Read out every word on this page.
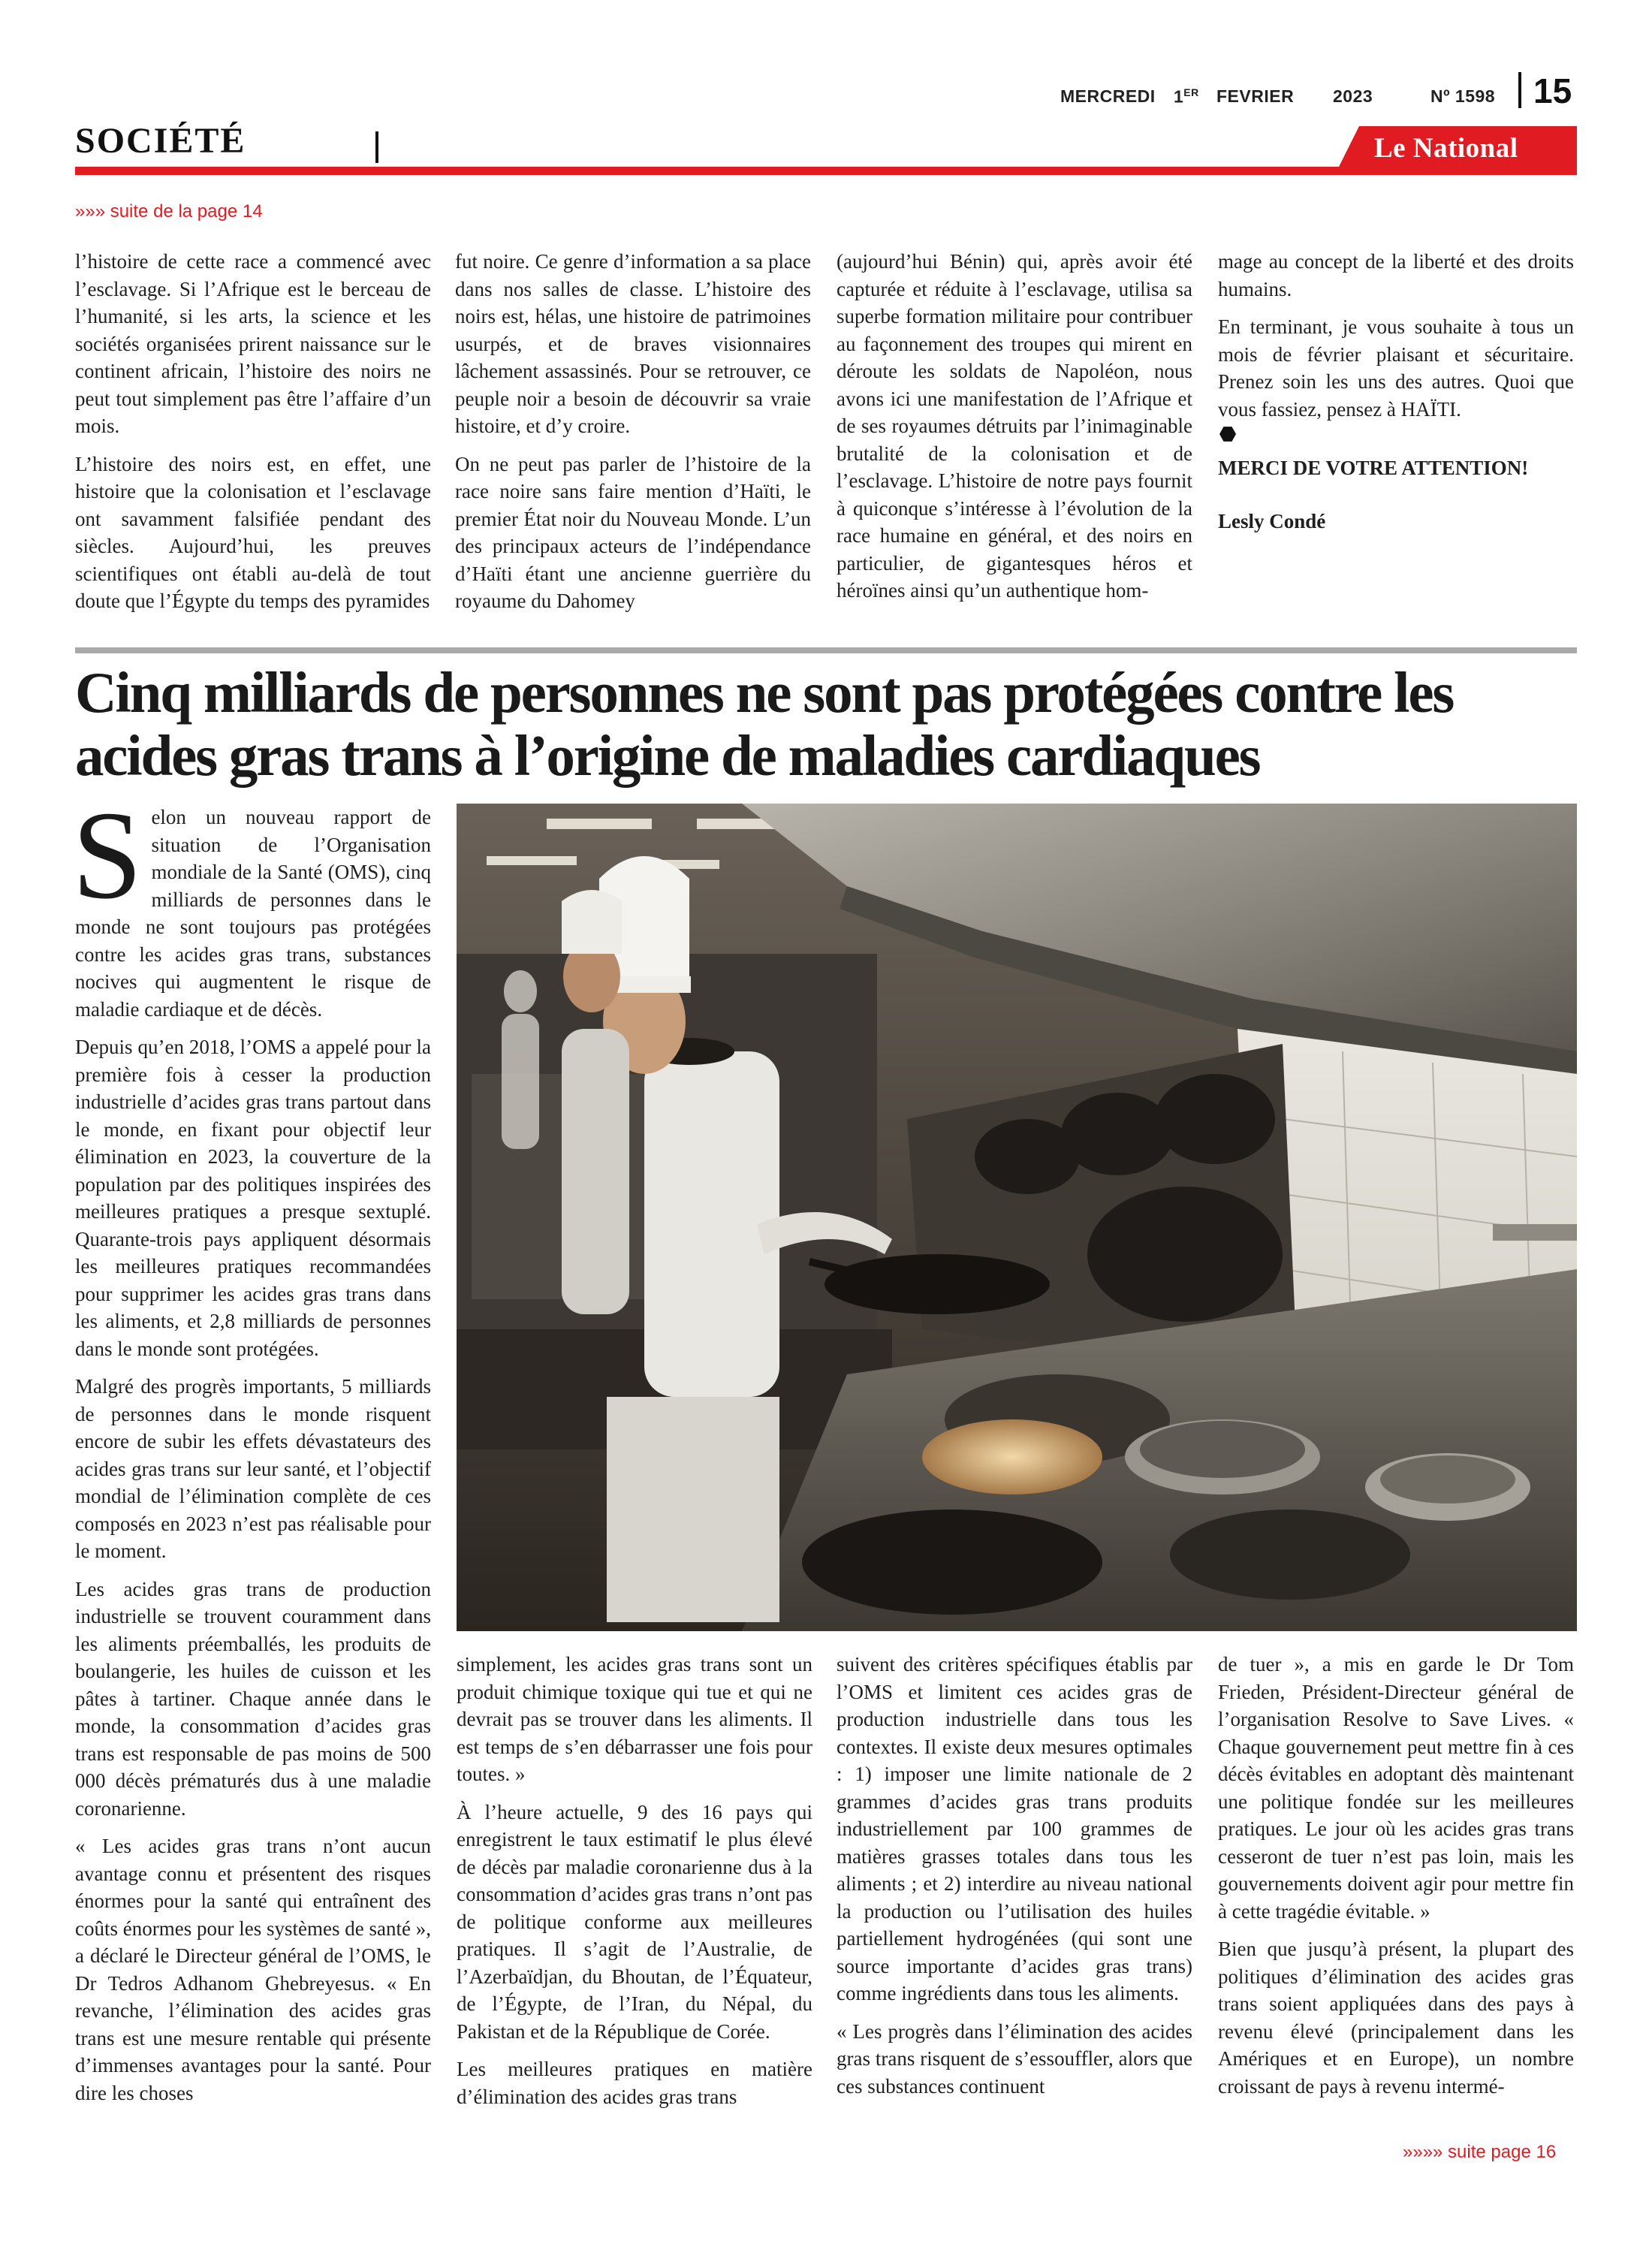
MERCREDI 1ER FEVRIER 2023	Nº 1598 15
SOCIÉTÉ	Le National
»»» suite de la page 14

l’histoire de cette race a commencé avec l’esclavage. Si l’Afrique est le berceau de l’humanité, si les arts, la science et les sociétés organisées prirent naissance sur le continent africain, l’histoire des noirs ne peut tout simplement pas être l’affaire d’un mois.

L’histoire des noirs est, en effet, une histoire que la colonisation et l’esclavage ont savamment falsifiée pendant des siècles. Aujourd’hui, les preuves scientifiques ont établi au-delà de tout doute que l’Égypte du temps des pyramides

fut noire. Ce genre d’information a sa place dans nos salles de classe. L’histoire des noirs est, hélas, une histoire de patrimoines usurpés, et de braves visionnaires lâchement assassinés. Pour se retrouver, ce peuple noir a besoin de découvrir sa vraie histoire, et d’y croire.

On ne peut pas parler de l’histoire de la race noire sans faire mention d’Haïti, le premier État noir du Nouveau Monde. L’un des principaux acteurs de l’indépendance d’Haïti étant une ancienne guerrière du royaume du Dahomey

(aujourd’hui Bénin) qui, après avoir été capturée et réduite à l’esclavage, utilisa sa superbe formation militaire pour contribuer au façonnement des troupes qui mirent en déroute les soldats de Napoléon, nous avons ici une manifestation de l’Afrique et de ses royaumes détruits par l’inimaginable brutalité de la colonisation et de l’esclavage. L’histoire de notre pays fournit à quiconque s’intéresse à l’évolution de la race humaine en général, et des noirs en particulier, de gigantesques héros et héroïnes ainsi qu’un authentique hom-

mage au concept de la liberté et des droits humains.

En terminant, je vous souhaite à tous un mois de février plaisant et sécuritaire. Prenez soin les uns des autres. Quoi que vous fassiez, pensez à HAÏTI.

MERCI DE VOTRE ATTENTION!

Lesly Condé

Cinq milliards de personnes ne sont pas protégées contre les acides gras trans à l’origine de maladies cardiaques

Selon un nouveau rapport de situation de l’Organisation mondiale de la Santé (OMS), cinq milliards de personnes dans le monde ne sont toujours pas protégées contre les acides gras trans, substances nocives qui augmentent le risque de maladie cardiaque et de décès.

Depuis qu’en 2018, l’OMS a appelé pour la première fois à cesser la production industrielle d’acides gras trans partout dans le monde, en fixant pour objectif leur élimination en 2023, la couverture de la population par des politiques inspirées des meilleures pratiques a presque sextuplé. Quarante-trois pays appliquent désormais les meilleures pratiques recommandées pour supprimer les acides gras trans dans les aliments, et 2,8 milliards de personnes dans le monde sont protégées.

Malgré des progrès importants, 5 milliards de personnes dans le monde risquent encore de subir les effets dévastateurs des acides gras trans sur leur santé, et l’objectif mondial de l’élimination complète de ces composés en 2023 n’est pas réalisable pour le moment.

Les acides gras trans de production industrielle se trouvent couramment dans les aliments préemballés, les produits de boulangerie, les huiles de cuisson et les pâtes à tartiner. Chaque année dans le monde, la consommation d’acides gras trans est responsable de pas moins de 500 000 décès prématurés dus à une maladie coronarienne.

« Les acides gras trans n’ont aucun avantage connu et présentent des risques énormes pour la santé qui entraînent des coûts énormes pour les systèmes de santé », a déclaré le Directeur général de l’OMS, le Dr Tedros Adhanom Ghebreyesus. « En revanche, l’élimination des acides gras trans est une mesure rentable qui présente d’immenses avantages pour la santé. Pour dire les choses

simplement, les acides gras trans sont un produit chimique toxique qui tue et qui ne devrait pas se trouver dans les aliments. Il est temps de s’en débarrasser une fois pour toutes. »

À l’heure actuelle, 9 des 16 pays qui enregistrent le taux estimatif le plus élevé de décès par maladie coronarienne dus à la consommation d’acides gras trans n’ont pas de politique conforme aux meilleures pratiques. Il s’agit de l’Australie, de l’Azerbaïdjan, du Bhoutan, de l’Équateur, de l’Égypte, de l’Iran, du Népal, du Pakistan et de la République de Corée.

Les meilleures pratiques en matière d’élimination des acides gras trans

suivent des critères spécifiques établis par l’OMS et limitent ces acides gras de production industrielle dans tous les contextes. Il existe deux mesures optimales : 1) imposer une limite nationale de 2 grammes d’acides gras trans produits industriellement par 100 grammes de matières grasses totales dans tous les aliments ; et 2) interdire au niveau national la production ou l’utilisation des huiles partiellement hydrogénées (qui sont une source importante d’acides gras trans) comme ingrédients dans tous les aliments.

« Les progrès dans l’élimination des acides gras trans risquent de s’essouffler, alors que ces substances continuent

de tuer », a mis en garde le Dr Tom Frieden, Président-Directeur général de l’organisation Resolve to Save Lives. « Chaque gouvernement peut mettre fin à ces décès évitables en adoptant dès maintenant une politique fondée sur les meilleures pratiques. Le jour où les acides gras trans cesseront de tuer n’est pas loin, mais les gouvernements doivent agir pour mettre fin à cette tragédie évitable. »

Bien que jusqu’à présent, la plupart des politiques d’élimination des acides gras trans soient appliquées dans des pays à revenu élevé (principalement dans les Amériques et en Europe), un nombre croissant de pays à revenu intermé-

»»»» suite page 16
